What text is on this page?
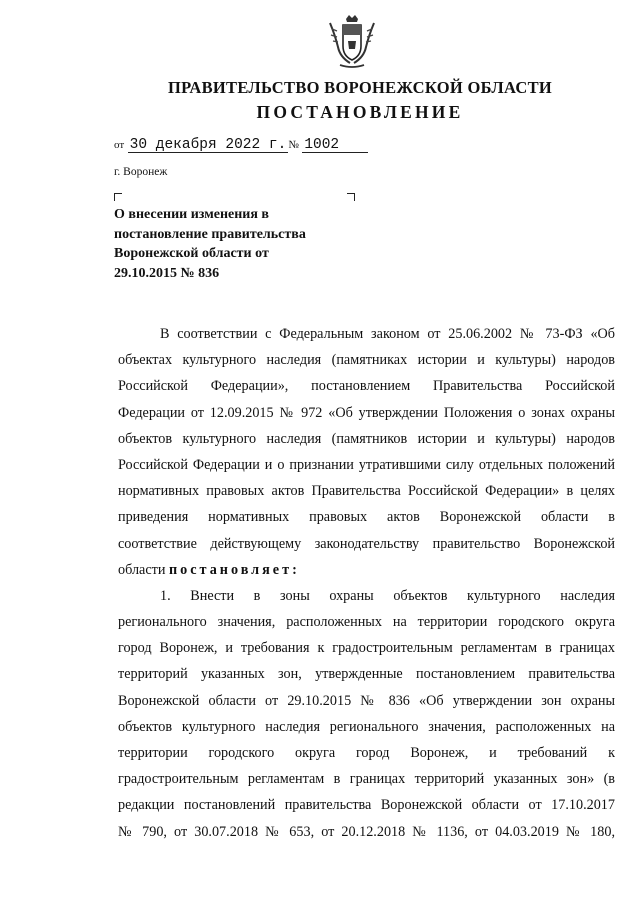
ПРАВИТЕЛЬСТВО ВОРОНЕЖСКОЙ ОБЛАСТИ
ПОСТАНОВЛЕНИЕ
от 30 декабря 2022 г. № 1002
г. Воронеж
О внесении изменения в
постановление правительства
Воронежской области от
29.10.2015 № 836
В соответствии с Федеральным законом от 25.06.2002 № 73-ФЗ «Об
объектах культурного наследия (памятниках истории и культуры) народов
Российской Федерации», постановлением Правительства Российской
Федерации от 12.09.2015 № 972 «Об утверждении Положения о зонах охраны
объектов культурного наследия (памятников истории и культуры) народов
Российской Федерации и о признании утратившими силу отдельных положений
нормативных правовых актов Правительства Российской Федерации» в целях
приведения нормативных правовых актов Воронежской области в
соответствие действующему законодательству правительство Воронежской
области постановляет:
1. Внести в зоны охраны объектов культурного наследия
регионального значения, расположенных на территории городского округа
город Воронеж, и требования к градостроительным регламентам в границах
территорий указанных зон, утвержденные постановлением правительства
Воронежской области от 29.10.2015 № 836 «Об утверждении зон охраны
объектов культурного наследия регионального значения, расположенных на
территории городского округа город Воронеж, и требований к
градостроительным регламентам в границах территорий указанных зон» (в
редакции постановлений правительства Воронежской области от 17.10.2017
№ 790, от 30.07.2018 № 653, от 20.12.2018 № 1136, от 04.03.2019 № 180,
